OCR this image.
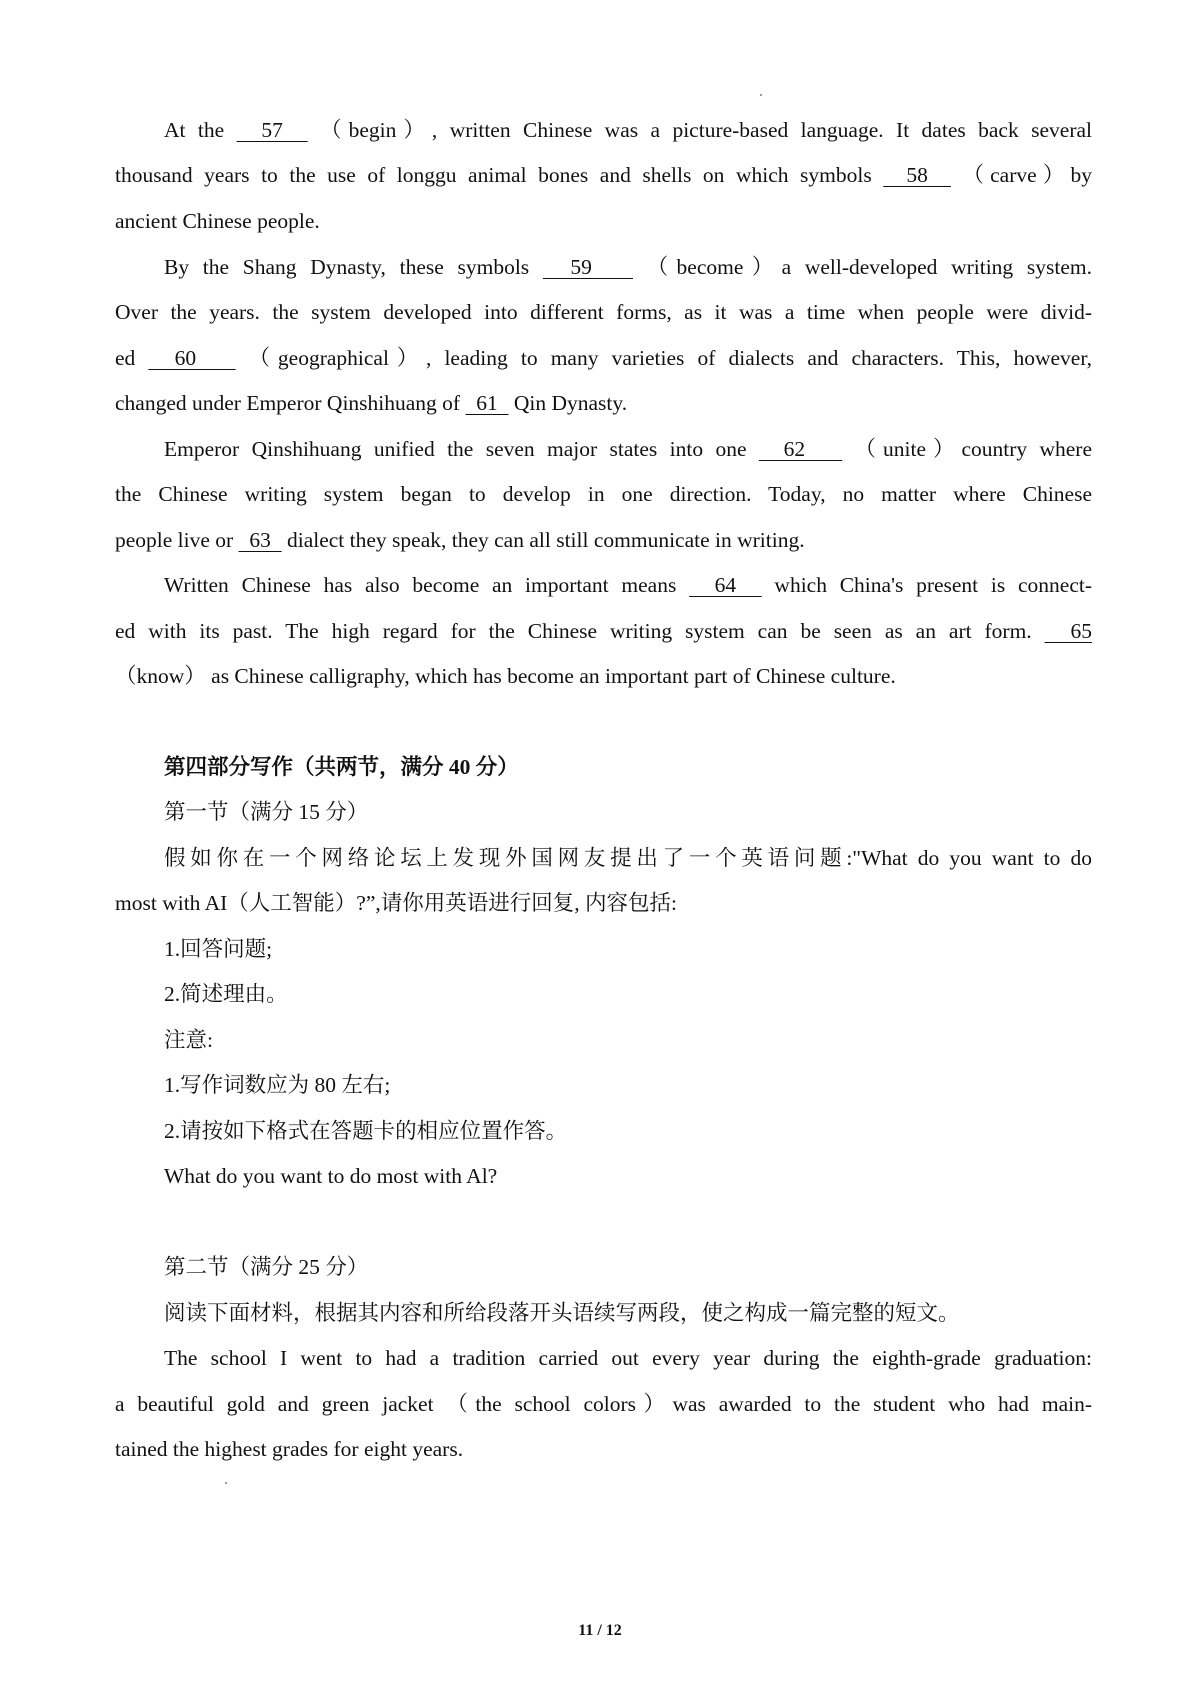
At the   57   （begin）, written Chinese was a picture-based language. It dates back several
thousand years to the use of longgu animal bones and shells on which symbols   58   （carve）by
ancient Chinese people.
By the Shang Dynasty, these symbols   59    （become）a well-developed writing system.
Over the years. the system developed into different forms, as it was a time when people were divid-
ed   60    （geographical）, leading to many varieties of dialects and characters. This, however,
changed under Emperor Qinshihuang of   61   Qin Dynasty.
Emperor Qinshihuang unified the seven major states into one   62    （unite）country where
the Chinese writing system began to develop in one direction. Today, no matter where Chinese
people live or   63   dialect they speak, they can all still communicate in writing.
Written Chinese has also become an important means   64   which China's present is connect-
ed with its past. The high regard for the Chinese writing system can be seen as an art form.   65
（know） as Chinese calligraphy, which has become an important part of Chinese culture.
第四部分写作（共两节，满分 40 分）
第一节（满分 15 分）
假如你在一个网络论坛上发现外国网友提出了一个英语问题:"What do you want to do
most with AI（人工智能）?”,请你用英语进行回复, 内容包括:
1.回答问题;
2.简述理由。
注意:
1.写作词数应为 80 左右;
2.请按如下格式在答题卡的相应位置作答。
What do you want to do most with Al?
第二节（满分 25 分）
阅读下面材料，根据其内容和所给段落开头语续写两段，使之构成一篇完整的短文。
The school I went to had a tradition carried out every year during the eighth-grade graduation:
a beautiful gold and green jacket （the school colors）was awarded to the student who had main-
tained the highest grades for eight years.
11 / 12
